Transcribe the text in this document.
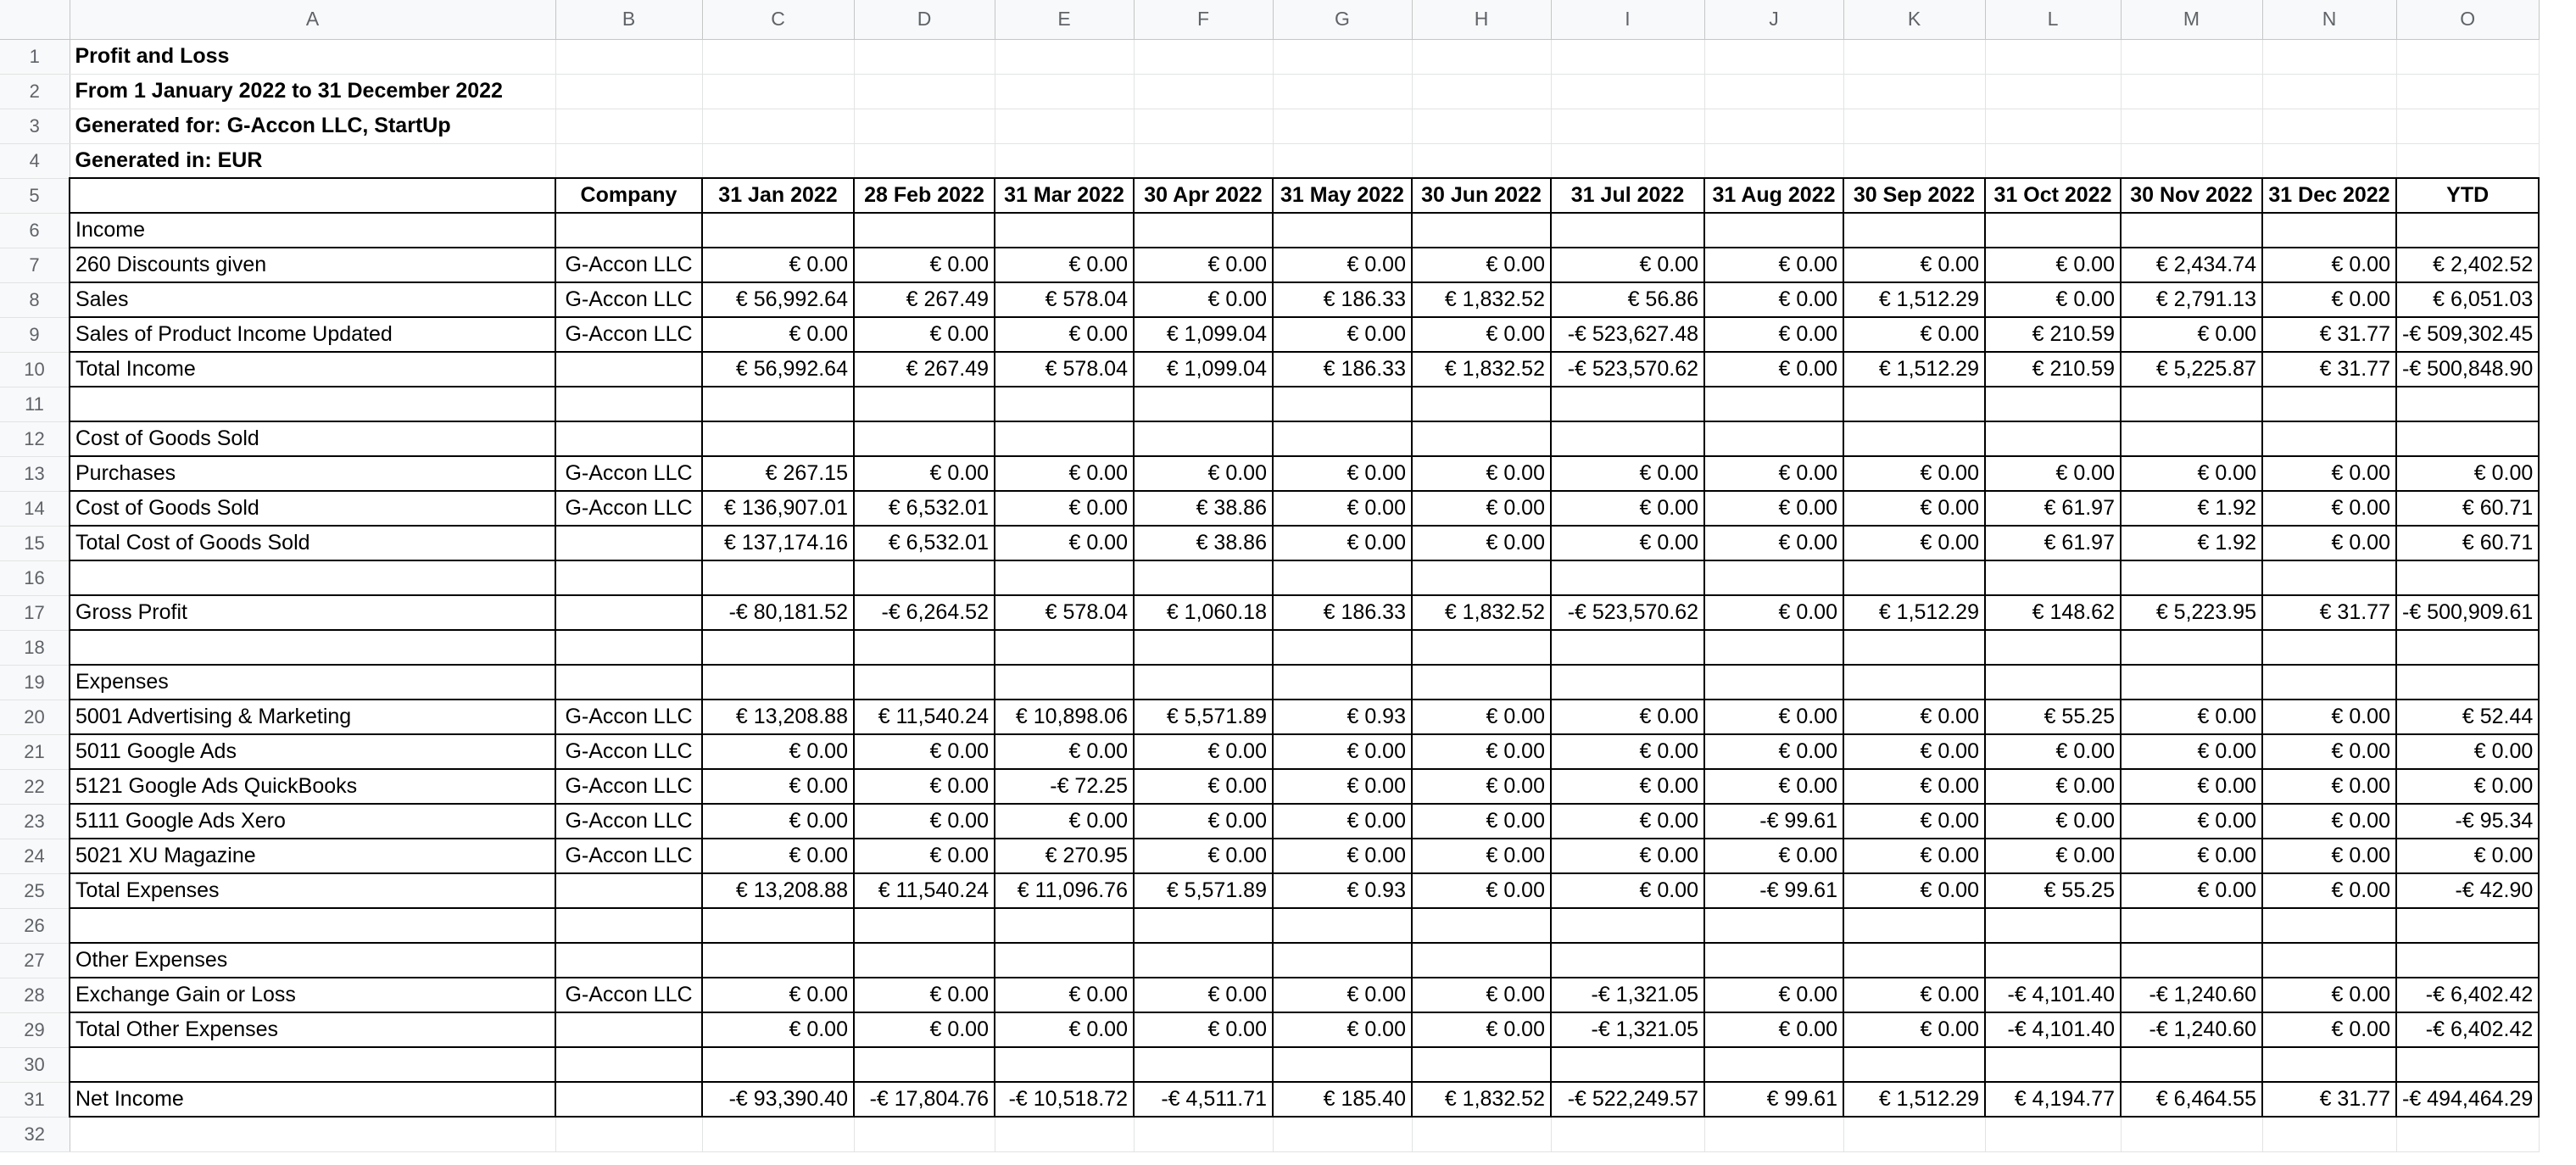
	A	B	C	D	E	F	G	H	I	J	K	L	M	N	O
1	Profit and Loss														
2	From 1 January 2022 to 31 December 2022														
3	Generated for: G-Accon LLC, StartUp														
4	Generated in: EUR														
5		Company	31 Jan 2022	28 Feb 2022	31 Mar 2022	30 Apr 2022	31 May 2022	30 Jun 2022	31 Jul 2022	31 Aug 2022	30 Sep 2022	31 Oct 2022	30 Nov 2022	31 Dec 2022	YTD
6	Income														
7	260 Discounts given	G-Accon LLC	€ 0.00	€ 0.00	€ 0.00	€ 0.00	€ 0.00	€ 0.00	€ 0.00	€ 0.00	€ 0.00	€ 0.00	€ 2,434.74	€ 0.00	€ 2,402.52
8	Sales	G-Accon LLC	€ 56,992.64	€ 267.49	€ 578.04	€ 0.00	€ 186.33	€ 1,832.52	€ 56.86	€ 0.00	€ 1,512.29	€ 0.00	€ 2,791.13	€ 0.00	€ 6,051.03
9	Sales of Product Income Updated	G-Accon LLC	€ 0.00	€ 0.00	€ 0.00	€ 1,099.04	€ 0.00	€ 0.00	-€ 523,627.48	€ 0.00	€ 0.00	€ 210.59	€ 0.00	€ 31.77	-€ 509,302.45
10	Total Income		€ 56,992.64	€ 267.49	€ 578.04	€ 1,099.04	€ 186.33	€ 1,832.52	-€ 523,570.62	€ 0.00	€ 1,512.29	€ 210.59	€ 5,225.87	€ 31.77	-€ 500,848.90
11															
12	Cost of Goods Sold														
13	Purchases	G-Accon LLC	€ 267.15	€ 0.00	€ 0.00	€ 0.00	€ 0.00	€ 0.00	€ 0.00	€ 0.00	€ 0.00	€ 0.00	€ 0.00	€ 0.00	€ 0.00
14	Cost of Goods Sold	G-Accon LLC	€ 136,907.01	€ 6,532.01	€ 0.00	€ 38.86	€ 0.00	€ 0.00	€ 0.00	€ 0.00	€ 0.00	€ 61.97	€ 1.92	€ 0.00	€ 60.71
15	Total Cost of Goods Sold		€ 137,174.16	€ 6,532.01	€ 0.00	€ 38.86	€ 0.00	€ 0.00	€ 0.00	€ 0.00	€ 0.00	€ 61.97	€ 1.92	€ 0.00	€ 60.71
16															
17	Gross Profit		-€ 80,181.52	-€ 6,264.52	€ 578.04	€ 1,060.18	€ 186.33	€ 1,832.52	-€ 523,570.62	€ 0.00	€ 1,512.29	€ 148.62	€ 5,223.95	€ 31.77	-€ 500,909.61
18															
19	Expenses														
20	5001 Advertising & Marketing	G-Accon LLC	€ 13,208.88	€ 11,540.24	€ 10,898.06	€ 5,571.89	€ 0.93	€ 0.00	€ 0.00	€ 0.00	€ 0.00	€ 55.25	€ 0.00	€ 0.00	€ 52.44
21	5011 Google Ads	G-Accon LLC	€ 0.00	€ 0.00	€ 0.00	€ 0.00	€ 0.00	€ 0.00	€ 0.00	€ 0.00	€ 0.00	€ 0.00	€ 0.00	€ 0.00	€ 0.00
22	5121 Google Ads QuickBooks	G-Accon LLC	€ 0.00	€ 0.00	-€ 72.25	€ 0.00	€ 0.00	€ 0.00	€ 0.00	€ 0.00	€ 0.00	€ 0.00	€ 0.00	€ 0.00	€ 0.00
23	5111 Google Ads Xero	G-Accon LLC	€ 0.00	€ 0.00	€ 0.00	€ 0.00	€ 0.00	€ 0.00	€ 0.00	-€ 99.61	€ 0.00	€ 0.00	€ 0.00	€ 0.00	-€ 95.34
24	5021 XU Magazine	G-Accon LLC	€ 0.00	€ 0.00	€ 270.95	€ 0.00	€ 0.00	€ 0.00	€ 0.00	€ 0.00	€ 0.00	€ 0.00	€ 0.00	€ 0.00	€ 0.00
25	Total Expenses		€ 13,208.88	€ 11,540.24	€ 11,096.76	€ 5,571.89	€ 0.93	€ 0.00	€ 0.00	-€ 99.61	€ 0.00	€ 55.25	€ 0.00	€ 0.00	-€ 42.90
26															
27	Other Expenses														
28	Exchange Gain or Loss	G-Accon LLC	€ 0.00	€ 0.00	€ 0.00	€ 0.00	€ 0.00	€ 0.00	-€ 1,321.05	€ 0.00	€ 0.00	-€ 4,101.40	-€ 1,240.60	€ 0.00	-€ 6,402.42
29	Total Other Expenses		€ 0.00	€ 0.00	€ 0.00	€ 0.00	€ 0.00	€ 0.00	-€ 1,321.05	€ 0.00	€ 0.00	-€ 4,101.40	-€ 1,240.60	€ 0.00	-€ 6,402.42
30															
31	Net Income		-€ 93,390.40	-€ 17,804.76	-€ 10,518.72	-€ 4,511.71	€ 185.40	€ 1,832.52	-€ 522,249.57	€ 99.61	€ 1,512.29	€ 4,194.77	€ 6,464.55	€ 31.77	-€ 494,464.29
32															
